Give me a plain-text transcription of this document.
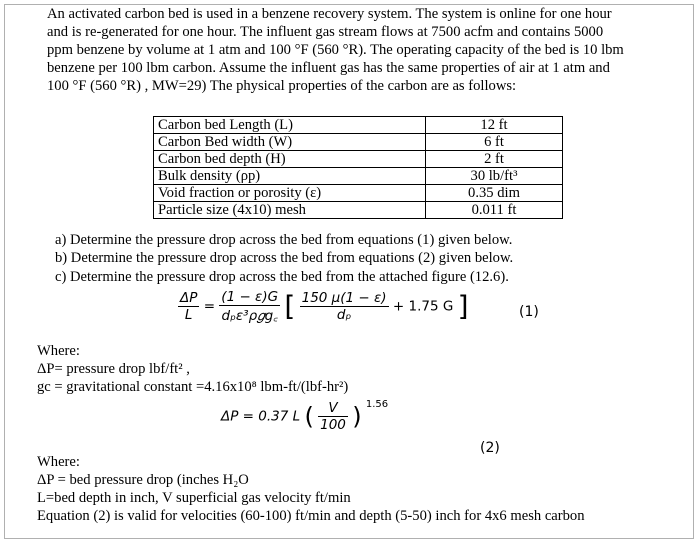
An activated carbon bed is used in a benzene recovery system. The system is online for one hour
and is re-generated for one hour. The influent gas stream flows at 7500 acfm and contains 5000
ppm benzene by volume at 1 atm and 100 °F (560 °R). The operating capacity of the bed is 10 lbm
benzene per 100 lbm carbon. Assume the influent gas has the same properties of air at 1 atm and
100 °F (560 °R) , MW=29) The physical properties of the carbon are as follows:
Carbon bed Length (L)	12 ft
Carbon Bed width (W)	6 ft
Carbon bed depth (H)	2 ft
Bulk density (ρp)	30 lb/ft³
Void fraction or porosity (ε)	0.35 dim
Particle size (4x10) mesh	0.011 ft
a) Determine the pressure drop across the bed from equations (1) given below.
b) Determine the pressure drop across the bed from equations (2) given below.
c) Determine the pressure drop across the bed from the attached figure (12.6).
$\frac{\Delta P}{L} = \frac{(1 - \varepsilon)G}{\text{dₚε³ρ𝑔g꜀}}$ [ $\frac{150 \mu(1 - \varepsilon)}{\text{dₚ}} + 1.75$ G ]	(1)
Where:
ΔP= pressure drop lbf/ft² ,
gc = gravitational constant =4.16x10⁸ lbm-ft/(lbf-hr²)
ΔP = 0.37 L ( $\frac{V}{100}$ ) $^{1.56}$
(2)
Where:
ΔP = bed pressure drop (inches H₂O
L=bed depth in inch, V superficial gas velocity ft/min
Equation (2) is valid for velocities (60-100) ft/min and depth (5-50) inch for 4x6 mesh carbon
